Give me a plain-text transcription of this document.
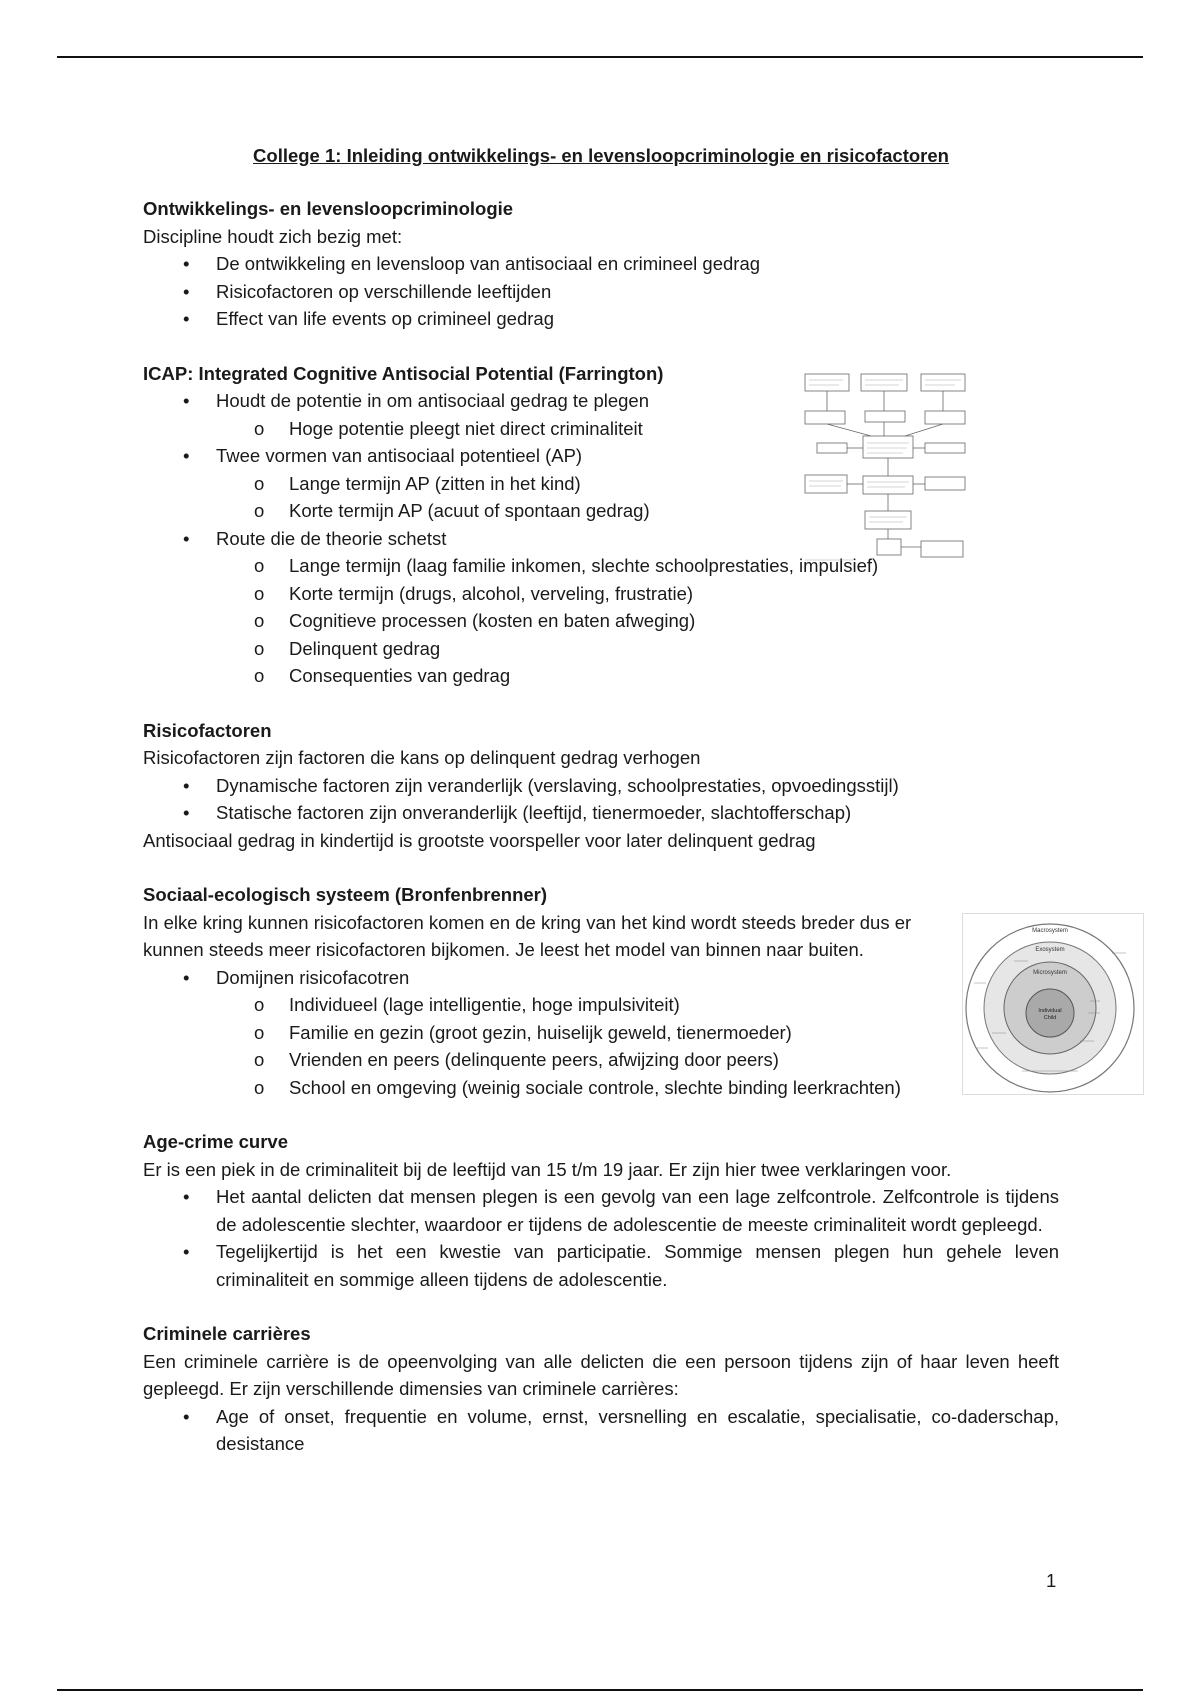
College 1: Inleiding ontwikkelings- en levensloopcriminologie en risicofactoren

Ontwikkelings- en levensloopcriminologie

Discipline houdt zich bezig met:

• De ontwikkeling en levensloop van antisociaal en crimineel gedrag
• Risicofactoren op verschillende leeftijden
• Effect van life events op crimineel gedrag

ICAP: Integrated Cognitive Antisocial Potential (Farrington)

• Houdt de potentie in om antisociaal gedrag te plegen
o Hoge potentie pleegt niet direct criminaliteit
• Twee vormen van antisociaal potentieel (AP)
o Lange termijn AP (zitten in het kind)
o Korte termijn AP (acuut of spontaan gedrag)
• Route die de theorie schetst
o Lange termijn (laag familie inkomen, slechte schoolprestaties, impulsief)
o Korte termijn (drugs, alcohol, verveling, frustratie)
o Cognitieve processen (kosten en baten afweging)
o Delinquent gedrag
o Consequenties van gedrag

Risicofactoren

Risicofactoren zijn factoren die kans op delinquent gedrag verhogen

• Dynamische factoren zijn veranderlijk (verslaving, schoolprestaties, opvoedingsstijl)
• Statische factoren zijn onveranderlijk (leeftijd, tienermoeder, slachtofferschap)

Antisociaal gedrag in kindertijd is grootste voorspeller voor later delinquent gedrag

Sociaal-ecologisch systeem (Bronfenbrenner)

In elke kring kunnen risicofactoren komen en de kring van het kind wordt steeds breder dus er kunnen steeds meer risicofactoren bijkomen. Je leest het model van binnen naar buiten.

• Domijnen risicofacotren
o Individueel (lage intelligentie, hoge impulsiviteit)
o Familie en gezin (groot gezin, huiselijk geweld, tienermoeder)
o Vrienden en peers (delinquente peers, afwijzing door peers)
o School en omgeving (weinig sociale controle, slechte binding leerkrachten)

Age-crime curve

Er is een piek in de criminaliteit bij de leeftijd van 15 t/m 19 jaar. Er zijn hier twee verklaringen voor.

• Het aantal delicten dat mensen plegen is een gevolg van een lage zelfcontrole. Zelfcontrole is tijdens de adolescentie slechter, waardoor er tijdens de adolescentie de meeste criminaliteit wordt gepleegd.
• Tegelijkertijd is het een kwestie van participatie. Sommige mensen plegen hun gehele leven criminaliteit en sommige alleen tijdens de adolescentie.

Criminele carrières

Een criminele carrière is de opeenvolging van alle delicten die een persoon tijdens zijn of haar leven heeft gepleegd. Er zijn verschillende dimensies van criminele carrières:

• Age of onset, frequentie en volume, ernst, versnelling en escalatie, specialisatie, co-daderschap, desistance
Macrosystem
Exosystem
Microsystem
Individual
Child
1
